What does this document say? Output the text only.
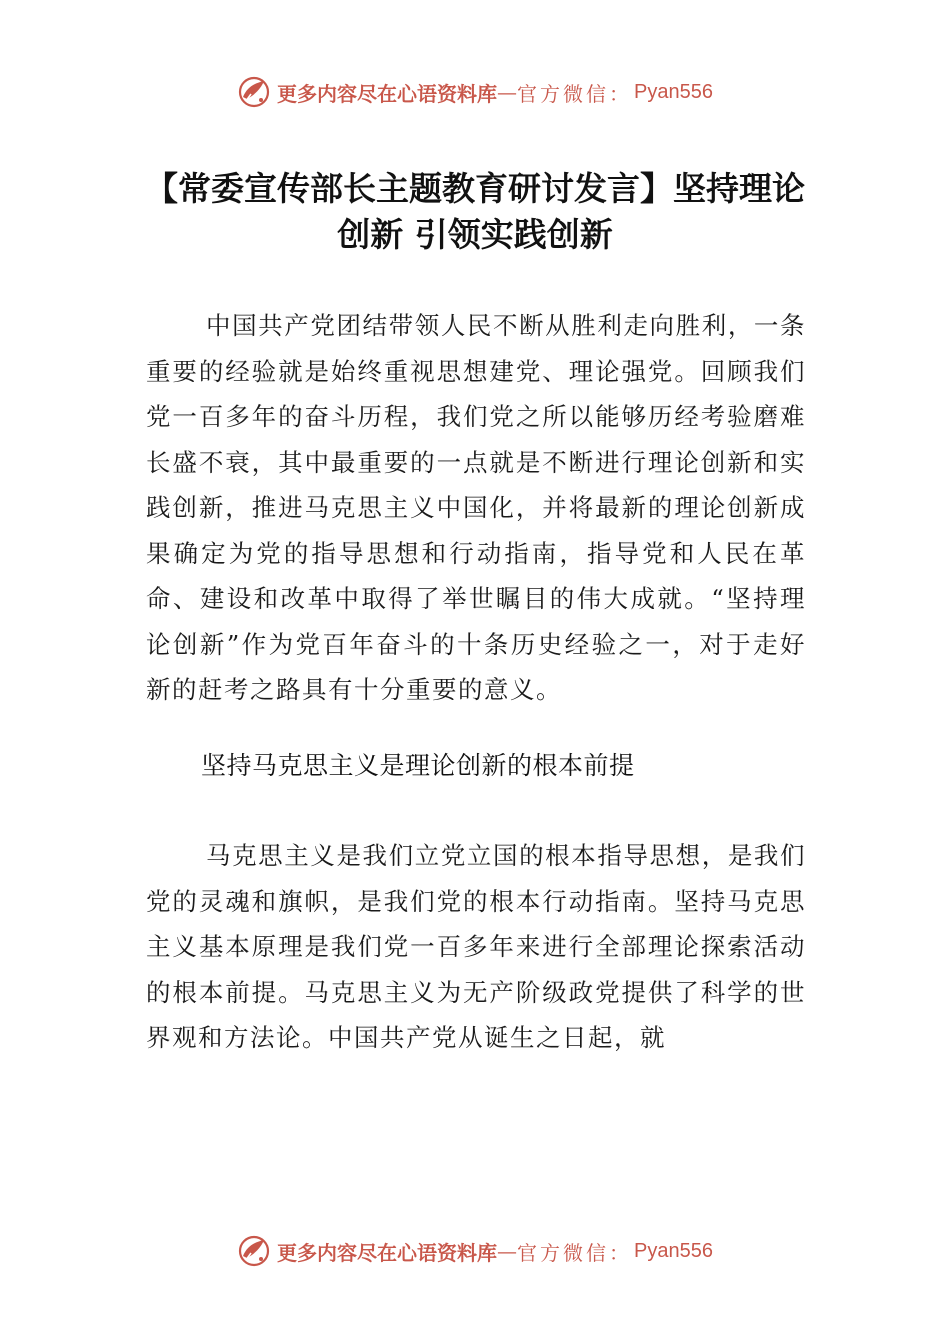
更多内容尽在心语资料库 — 官方微信： Pyan556
【常委宣传部长主题教育研讨发言】坚持理论创新 引领实践创新

中国共产党团结带领人民不断从胜利走向胜利，一条重要的经验就是始终重视思想建党、理论强党。回顾我们党一百多年的奋斗历程，我们党之所以能够历经考验磨难长盛不衰，其中最重要的一点就是不断进行理论创新和实践创新，推进马克思主义中国化，并将最新的理论创新成果确定为党的指导思想和行动指南，指导党和人民在革命、建设和改革中取得了举世瞩目的伟大成就。“坚持理论创新”作为党百年奋斗的十条历史经验之一，对于走好新的赶考之路具有十分重要的意义。

坚持马克思主义是理论创新的根本前提

马克思主义是我们立党立国的根本指导思想，是我们党的灵魂和旗帜，是我们党的根本行动指南。坚持马克思主义基本原理是我们党一百多年来进行全部理论探索活动的根本前提。马克思主义为无产阶级政党提供了科学的世界观和方法论。中国共产党从诞生之日起，就

更多内容尽在心语资料库 — 官方微信： Pyan556
